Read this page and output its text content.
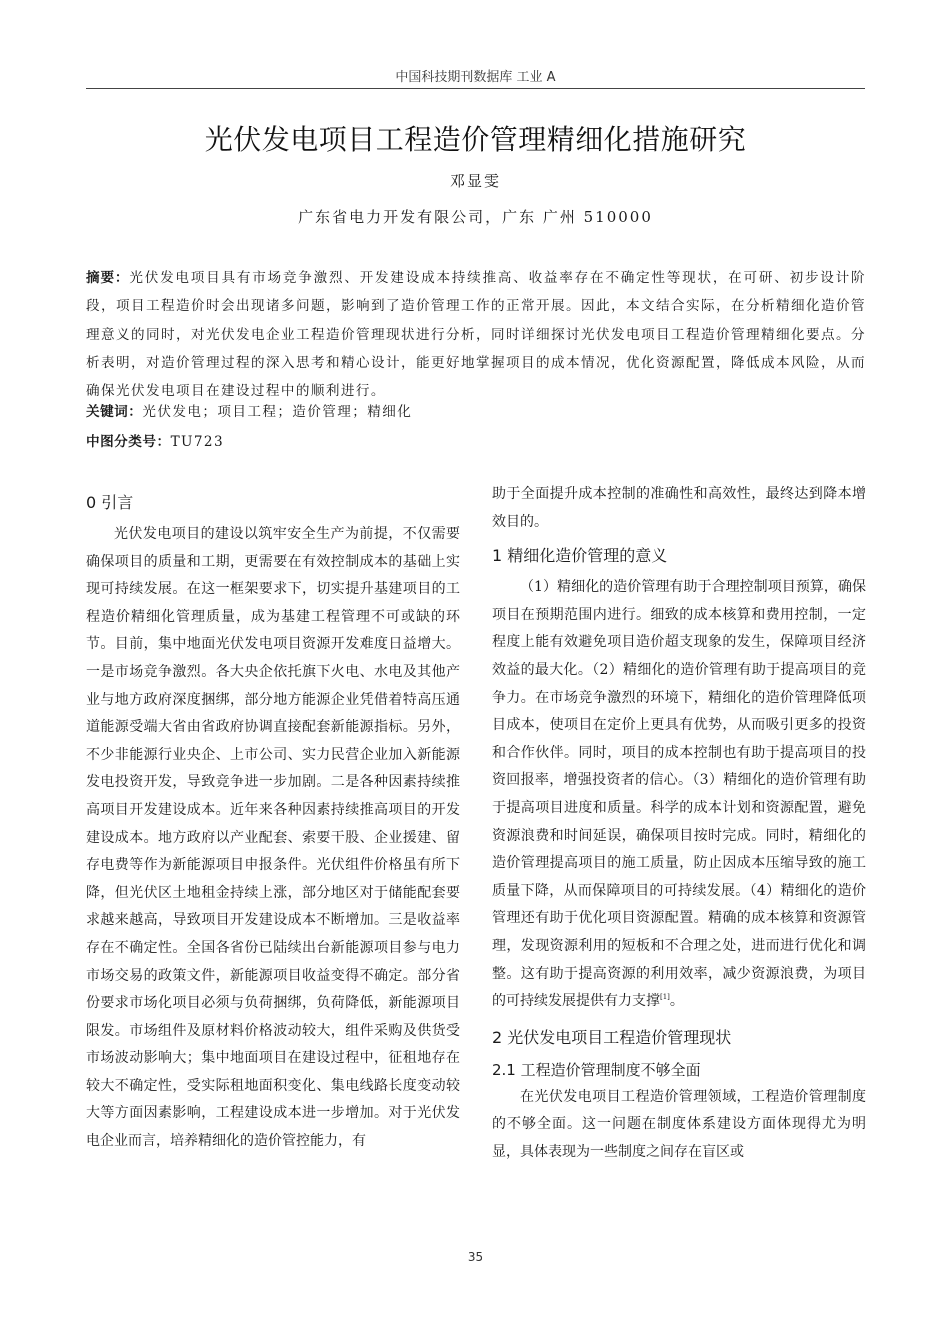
中国科技期刊数据库 工业 A
光伏发电项目工程造价管理精细化措施研究
邓显雯
广东省电力开发有限公司，广东 广州 510000
摘要：光伏发电项目具有市场竞争激烈、开发建设成本持续推高、收益率存在不确定性等现状，在可研、初步设计阶段，项目工程造价时会出现诸多问题，影响到了造价管理工作的正常开展。因此，本文结合实际，在分析精细化造价管理意义的同时，对光伏发电企业工程造价管理现状进行分析，同时详细探讨光伏发电项目工程造价管理精细化要点。分析表明，对造价管理过程的深入思考和精心设计，能更好地掌握项目的成本情况，优化资源配置，降低成本风险，从而确保光伏发电项目在建设过程中的顺利进行。
关键词：光伏发电；项目工程；造价管理；精细化
中图分类号：TU723
0 引言

光伏发电项目的建设以筑牢安全生产为前提，不仅需要确保项目的质量和工期，更需要在有效控制成本的基础上实现可持续发展。在这一框架要求下，切实提升基建项目的工程造价精细化管理质量，成为基建工程管理不可或缺的环节。目前，集中地面光伏发电项目资源开发难度日益增大。一是市场竞争激烈。各大央企依托旗下火电、水电及其他产业与地方政府深度捆绑，部分地方能源企业凭借着特高压通道能源受端大省由省政府协调直接配套新能源指标。另外，不少非能源行业央企、上市公司、实力民营企业加入新能源发电投资开发，导致竞争进一步加剧。二是各种因素持续推高项目开发建设成本。近年来各种因素持续推高项目的开发建设成本。地方政府以产业配套、索要干股、企业援建、留存电费等作为新能源项目申报条件。光伏组件价格虽有所下降，但光伏区土地租金持续上涨，部分地区对于储能配套要求越来越高，导致项目开发建设成本不断增加。三是收益率存在不确定性。全国各省份已陆续出台新能源项目参与电力市场交易的政策文件，新能源项目收益变得不确定。部分省份要求市场化项目必须与负荷捆绑，负荷降低，新能源项目限发。市场组件及原材料价格波动较大，组件采购及供货受市场波动影响大；集中地面项目在建设过程中，征租地存在较大不确定性，受实际租地面积变化、集电线路长度变动较大等方面因素影响，工程建设成本进一步增加。对于光伏发电企业而言，培养精细化的造价管控能力，有

助于全面提升成本控制的准确性和高效性，最终达到降本增效目的。

1 精细化造价管理的意义

（1）精细化的造价管理有助于合理控制项目预算，确保项目在预期范围内进行。细致的成本核算和费用控制，一定程度上能有效避免项目造价超支现象的发生，保障项目经济效益的最大化。（2）精细化的造价管理有助于提高项目的竞争力。在市场竞争激烈的环境下，精细化的造价管理降低项目成本，使项目在定价上更具有优势，从而吸引更多的投资和合作伙伴。同时，项目的成本控制也有助于提高项目的投资回报率，增强投资者的信心。（3）精细化的造价管理有助于提高项目进度和质量。科学的成本计划和资源配置，避免资源浪费和时间延误，确保项目按时完成。同时，精细化的造价管理提高项目的施工质量，防止因成本压缩导致的施工质量下降，从而保障项目的可持续发展。（4）精细化的造价管理还有助于优化项目资源配置。精确的成本核算和资源管理，发现资源利用的短板和不合理之处，进而进行优化和调整。这有助于提高资源的利用效率，减少资源浪费，为项目的可持续发展提供有力支撑[1]。

2 光伏发电项目工程造价管理现状
2.1 工程造价管理制度不够全面

在光伏发电项目工程造价管理领域，工程造价管理制度的不够全面。这一问题在制度体系建设方面体现得尤为明显，具体表现为一些制度之间存在盲区或

35
